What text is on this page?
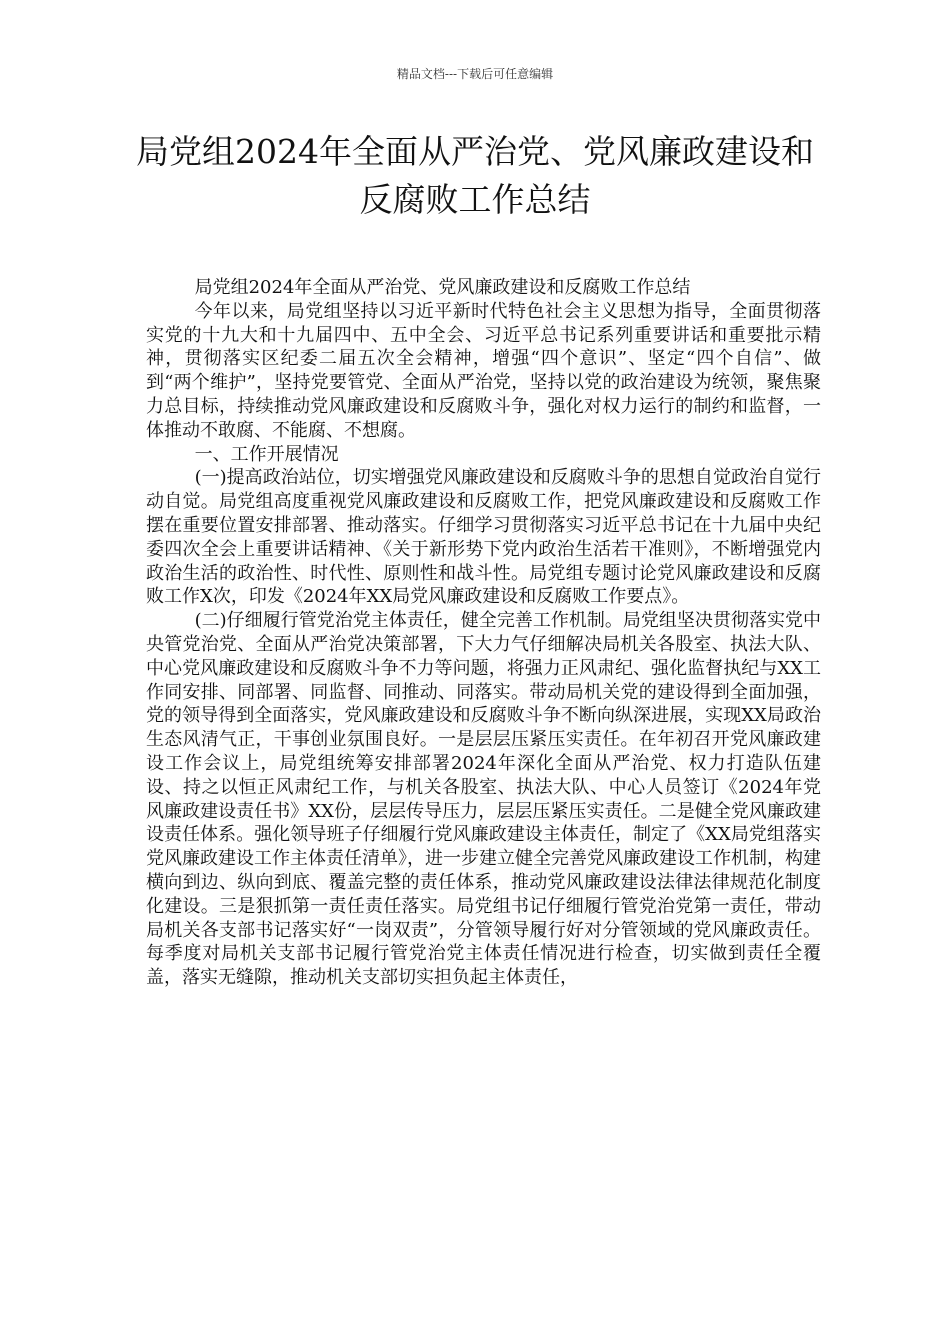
精品文档---下载后可任意编辑
局党组2024年全面从严治党、党风廉政建设和反腐败工作总结

局党组2024年全面从严治党、党风廉政建设和反腐败工作总结

今年以来，局党组坚持以习近平新时代特色社会主义思想为指导，全面贯彻落实党的十九大和十九届四中、五中全会、习近平总书记系列重要讲话和重要批示精神，贯彻落实区纪委二届五次全会精神，增强“四个意识”、坚定“四个自信”、做到“两个维护”，坚持党要管党、全面从严治党，坚持以党的政治建设为统领，聚焦聚力总目标，持续推动党风廉政建设和反腐败斗争，强化对权力运行的制约和监督，一体推动不敢腐、不能腐、不想腐。

一、工作开展情况

(一)提高政治站位，切实增强党风廉政建设和反腐败斗争的思想自觉政治自觉行动自觉。局党组高度重视党风廉政建设和反腐败工作，把党风廉政建设和反腐败工作摆在重要位置安排部署、推动落实。仔细学习贯彻落实习近平总书记在十九届中央纪委四次全会上重要讲话精神、《关于新形势下党内政治生活若干准则》，不断增强党内政治生活的政治性、时代性、原则性和战斗性。局党组专题讨论党风廉政建设和反腐败工作X次，印发《2024年XX局党风廉政建设和反腐败工作要点》。

(二)仔细履行管党治党主体责任，健全完善工作机制。局党组坚决贯彻落实党中央管党治党、全面从严治党决策部署，下大力气仔细解决局机关各股室、执法大队、中心党风廉政建设和反腐败斗争不力等问题，将强力正风肃纪、强化监督执纪与XX工作同安排、同部署、同监督、同推动、同落实。带动局机关党的建设得到全面加强，党的领导得到全面落实，党风廉政建设和反腐败斗争不断向纵深进展，实现XX局政治生态风清气正，干事创业氛围良好。一是层层压紧压实责任。在年初召开党风廉政建设工作会议上，局党组统筹安排部署2024年深化全面从严治党、权力打造队伍建设、持之以恒正风肃纪工作，与机关各股室、执法大队、中心人员签订《2024年党风廉政建设责任书》XX份，层层传导压力，层层压紧压实责任。二是健全党风廉政建设责任体系。强化领导班子仔细履行党风廉政建设主体责任，制定了《XX局党组落实党风廉政建设工作主体责任清单》，进一步建立健全完善党风廉政建设工作机制，构建横向到边、纵向到底、覆盖完整的责任体系，推动党风廉政建设法律法律规范化制度化建设。三是狠抓第一责任责任落实。局党组书记仔细履行管党治党第一责任，带动局机关各支部书记落实好“一岗双责”，分管领导履行好对分管领域的党风廉政责任。每季度对局机关支部书记履行管党治党主体责任情况进行检查，切实做到责任全覆盖，落实无缝隙，推动机关支部切实担负起主体责任，
